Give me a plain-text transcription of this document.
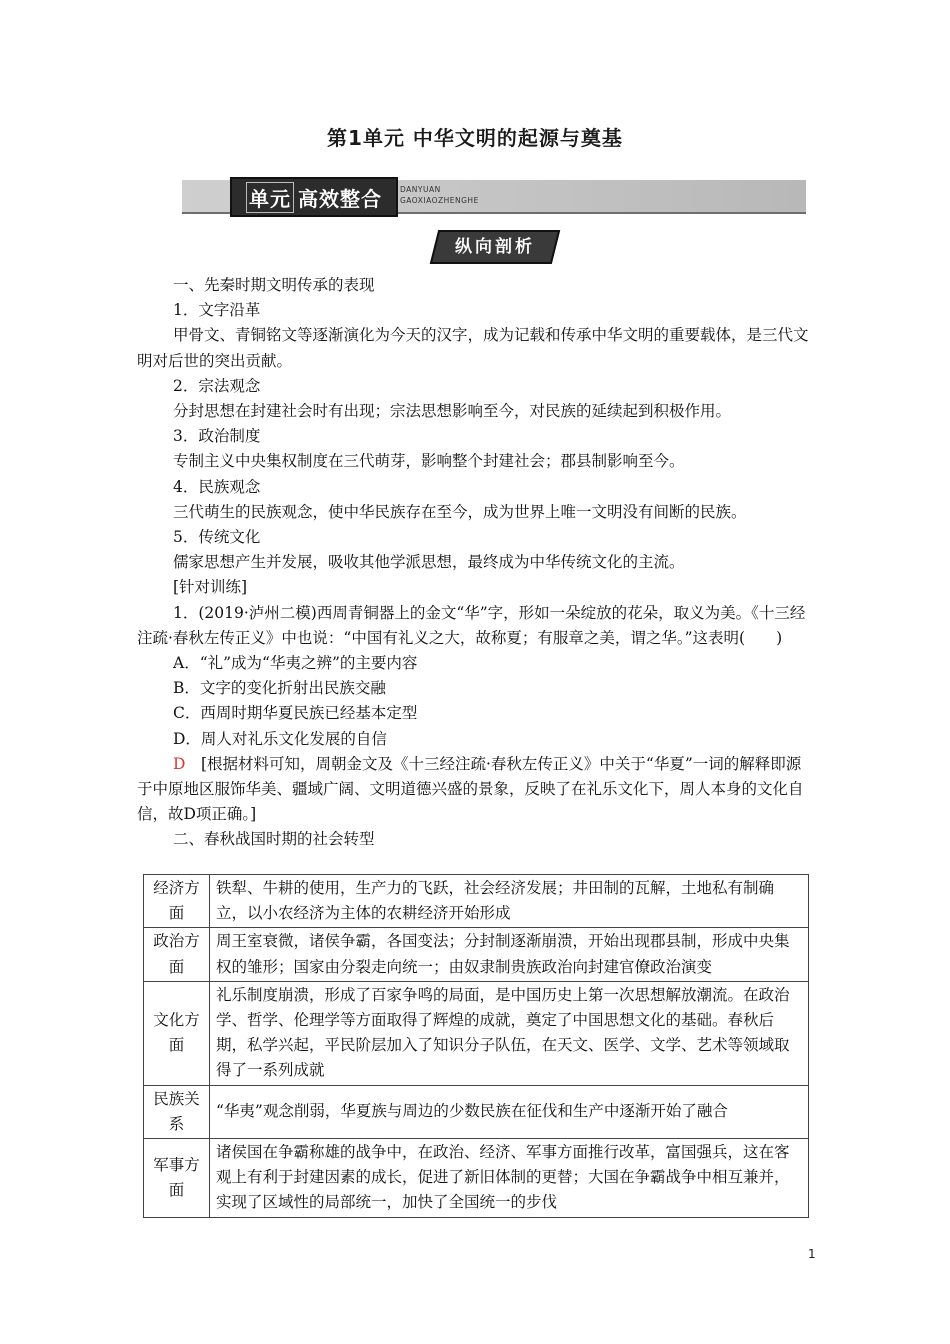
第1单元 中华文明的起源与奠基
单元 高效整合 DANYUAN
GAOXIAOZHENGHE
纵向剖析

一、先秦时期文明传承的表现

1．文字沿革

甲骨文、青铜铭文等逐渐演化为今天的汉字，成为记载和传承中华文明的重要载体，是三代文明对后世的突出贡献。

2．宗法观念

分封思想在封建社会时有出现；宗法思想影响至今，对民族的延续起到积极作用。

3．政治制度

专制主义中央集权制度在三代萌芽，影响整个封建社会；郡县制影响至今。

4．民族观念

三代萌生的民族观念，使中华民族存在至今，成为世界上唯一文明没有间断的民族。

5．传统文化

儒家思想产生并发展，吸收其他学派思想，最终成为中华传统文化的主流。

[针对训练]

1．(2019·泸州二模)西周青铜器上的金文“华”字，形如一朵绽放的花朵，取义为美。《十三经注疏·春秋左传正义》中也说：“中国有礼义之大，故称夏；有服章之美，谓之华。”这表明(　　)

A．“礼”成为“华夷之辨”的主要内容

B．文字的变化折射出民族交融

C．西周时期华夏民族已经基本定型

D．周人对礼乐文化发展的自信

D　[根据材料可知，周朝金文及《十三经注疏·春秋左传正义》中关于“华夏”一词的解释即源于中原地区服饰华美、疆域广阔、文明道德兴盛的景象，反映了在礼乐文化下，周人本身的文化自信，故D项正确。]

二、春秋战国时期的社会转型

经济方面	铁犁、牛耕的使用，生产力的飞跃，社会经济发展；井田制的瓦解，土地私有制确立，以小农经济为主体的农耕经济开始形成
政治方面	周王室衰微，诸侯争霸，各国变法；分封制逐渐崩溃，开始出现郡县制，形成中央集权的雏形；国家由分裂走向统一；由奴隶制贵族政治向封建官僚政治演变
文化方面	礼乐制度崩溃，形成了百家争鸣的局面，是中国历史上第一次思想解放潮流。在政治学、哲学、伦理学等方面取得了辉煌的成就，奠定了中国思想文化的基础。春秋后期，私学兴起，平民阶层加入了知识分子队伍，在天文、医学、文学、艺术等领域取得了一系列成就
民族关系	“华夷”观念削弱，华夏族与周边的少数民族在征伐和生产中逐渐开始了融合
军事方面	诸侯国在争霸称雄的战争中，在政治、经济、军事方面推行改革，富国强兵，这在客观上有利于封建因素的成长，促进了新旧体制的更替；大国在争霸战争中相互兼并，实现了区域性的局部统一，加快了全国统一的步伐
1
